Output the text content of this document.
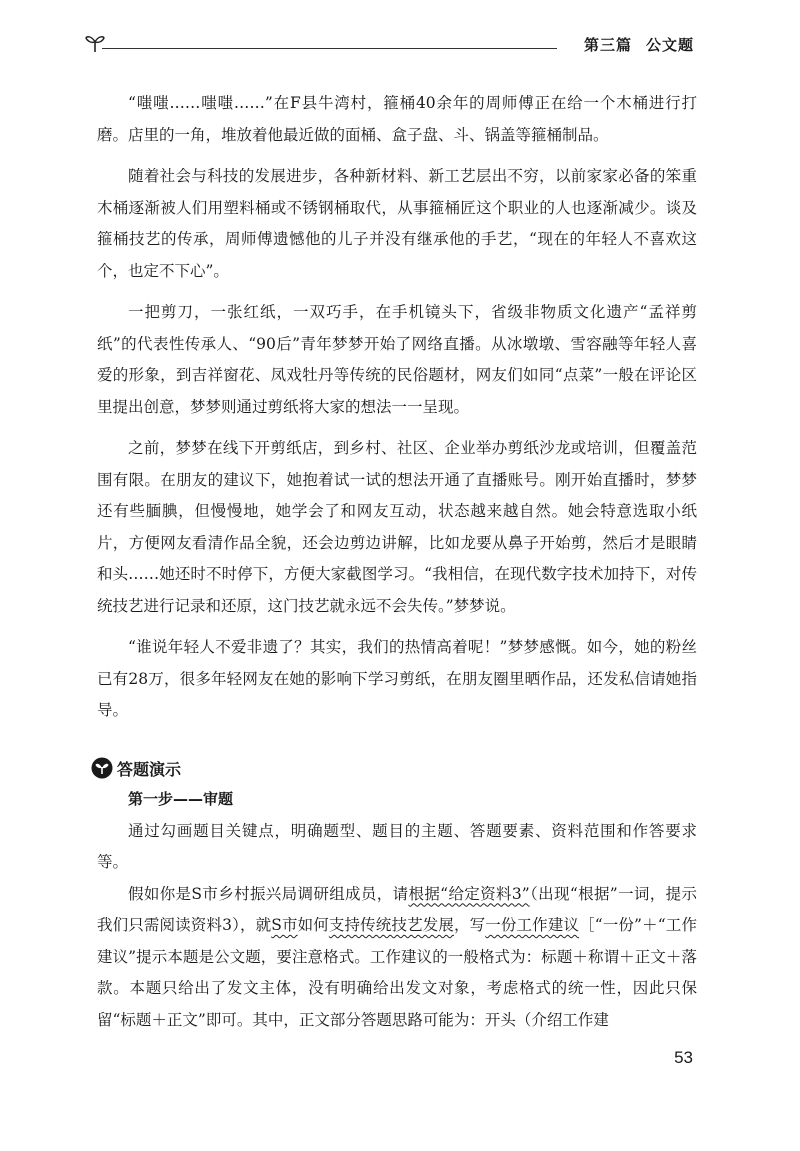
第三篇 公文题

“嗤嗤……嗤嗤……”在F县牛湾村，箍桶40余年的周师傅正在给一个木桶进行打磨。店里的一角，堆放着他最近做的面桶、盒子盘、斗、锅盖等箍桶制品。

随着社会与科技的发展进步，各种新材料、新工艺层出不穷，以前家家必备的笨重木桶逐渐被人们用塑料桶或不锈钢桶取代，从事箍桶匠这个职业的人也逐渐减少。谈及箍桶技艺的传承，周师傅遗憾他的儿子并没有继承他的手艺，“现在的年轻人不喜欢这个，也定不下心”。

一把剪刀，一张红纸，一双巧手，在手机镜头下，省级非物质文化遗产“孟祥剪纸”的代表性传承人、“90后”青年梦梦开始了网络直播。从冰墩墩、雪容融等年轻人喜爱的形象，到吉祥窗花、凤戏牡丹等传统的民俗题材，网友们如同“点菜”一般在评论区里提出创意，梦梦则通过剪纸将大家的想法一一呈现。

之前，梦梦在线下开剪纸店，到乡村、社区、企业举办剪纸沙龙或培训，但覆盖范围有限。在朋友的建议下，她抱着试一试的想法开通了直播账号。刚开始直播时，梦梦还有些腼腆，但慢慢地，她学会了和网友互动，状态越来越自然。她会特意选取小纸片，方便网友看清作品全貌，还会边剪边讲解，比如龙要从鼻子开始剪，然后才是眼睛和头……她还时不时停下，方便大家截图学习。“我相信，在现代数字技术加持下，对传统技艺进行记录和还原，这门技艺就永远不会失传。”梦梦说。

“谁说年轻人不爱非遗了？其实，我们的热情高着呢！”梦梦感慨。如今，她的粉丝已有28万，很多年轻网友在她的影响下学习剪纸，在朋友圈里晒作品，还发私信请她指导。

答题演示
第一步——审题

通过勾画题目关键点，明确题型、题目的主题、答题要素、资料范围和作答要求等。

假如你是S市乡村振兴局调研组成员，请根据“给定资料3”（出现“根据”一词，提示我们只需阅读资料3），就S市如何支持传统技艺发展，写一份工作建议［“一份”＋“工作建议”提示本题是公文题，要注意格式。工作建议的一般格式为：标题＋称谓＋正文＋落款。本题只给出了发文主体，没有明确给出发文对象，考虑格式的统一性，因此只保留“标题＋正文”即可。其中，正文部分答题思路可能为：开头（介绍工作建

53
